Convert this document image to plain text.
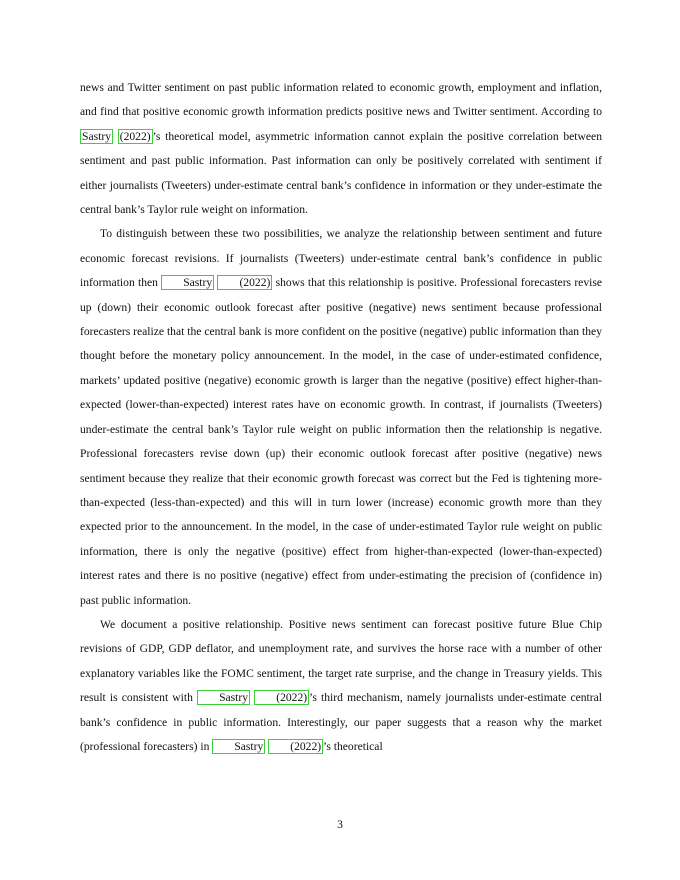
news and Twitter sentiment on past public information related to economic growth, employment and inflation, and find that positive economic growth information predicts positive news and Twitter sentiment. According to Sastry (2022) ’s theoretical model, asymmetric information cannot explain the positive correlation between sentiment and past public information. Past information can only be positively correlated with sentiment if either journalists (Tweeters) under-estimate central bank’s confidence in information or they under-estimate the central bank’s Taylor rule weight on information.

To distinguish between these two possibilities, we analyze the relationship between sentiment and future economic forecast revisions. If journalists (Tweeters) under-estimate central bank’s confidence in public information then Sastry (2022) shows that this relationship is positive. Professional forecasters revise up (down) their economic outlook forecast after positive (negative) news sentiment because professional forecasters realize that the central bank is more confident on the positive (negative) public information than they thought before the monetary policy announcement. In the model, in the case of under-estimated confidence, markets’ updated positive (negative) economic growth is larger than the negative (positive) effect higher-than-expected (lower-than-expected) interest rates have on economic growth. In contrast, if journalists (Tweeters) under-estimate the central bank’s Taylor rule weight on public information then the relationship is negative. Professional forecasters revise down (up) their economic outlook forecast after positive (negative) news sentiment because they realize that their economic growth forecast was correct but the Fed is tightening more-than-expected (less-than-expected) and this will in turn lower (increase) economic growth more than they expected prior to the announcement. In the model, in the case of under-estimated Taylor rule weight on public information, there is only the negative (positive) effect from higher-than-expected (lower-than-expected) interest rates and there is no positive (negative) effect from under-estimating the precision of (confidence in) past public information.

We document a positive relationship. Positive news sentiment can forecast positive future Blue Chip revisions of GDP, GDP deflator, and unemployment rate, and survives the horse race with a number of other explanatory variables like the FOMC sentiment, the target rate surprise, and the change in Treasury yields. This result is consistent with Sastry (2022) ’s third mechanism, namely journalists under-estimate central bank’s confidence in public information. Interestingly, our paper suggests that a reason why the market (professional forecasters) in Sastry (2022) ’s theoretical

3
